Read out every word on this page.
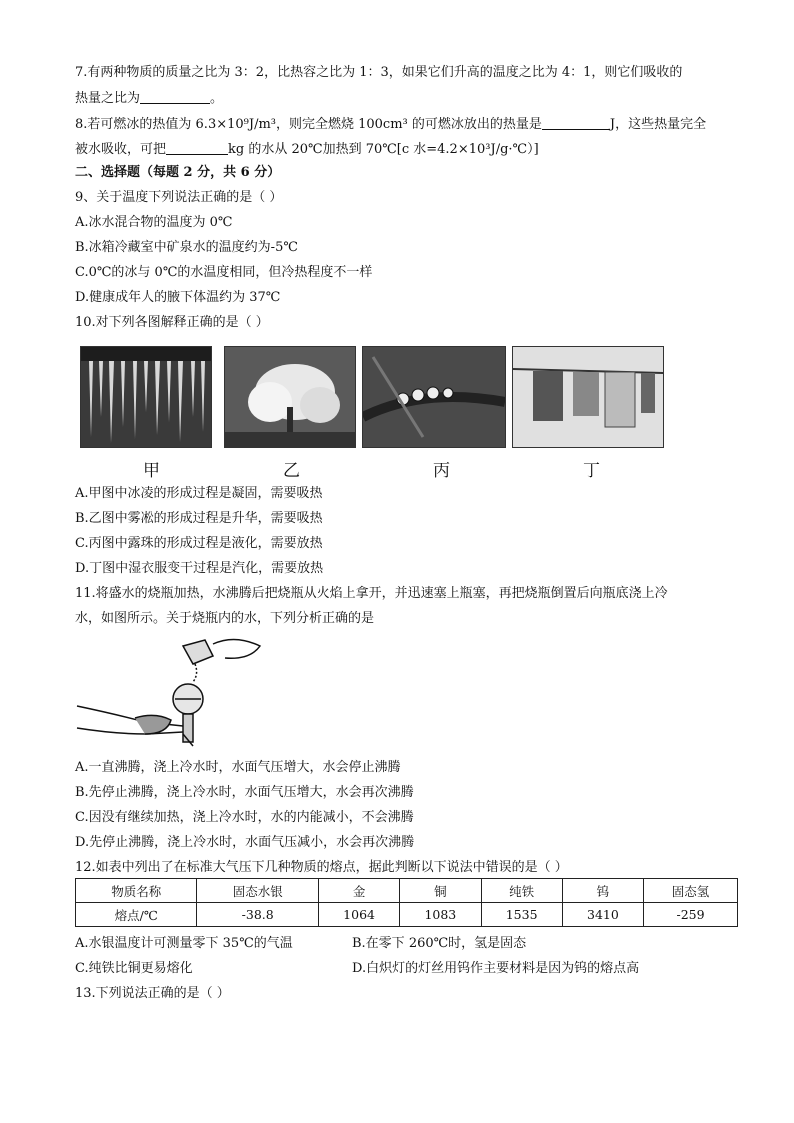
7.有两种物质的质量之比为 3：2，比热容之比为 1：3，如果它们升高的温度之比为 4：1，则它们吸收的
热量之比为	。
8.若可燃冰的热值为 6.3×10⁹J/m³，则完全燃烧 100cm³ 的可燃冰放出的热量是	J，这些热量完全
被水吸收，可把	kg 的水从 20℃加热到 70℃[c 水=4.2×10³J/g·℃）]
二、选择题（每题 2 分，共 6 分）
9、关于温度下列说法正确的是（ ）
A.冰水混合物的温度为 0℃
B.冰箱冷藏室中矿泉水的温度约为-5℃
C.0℃的冰与 0℃的水温度相同，但冷热程度不一样
D.健康成年人的腋下体温约为 37℃
10.对下列各图解释正确的是（ ）
甲	乙	丙	丁
A.甲图中冰凌的形成过程是凝固，需要吸热
B.乙图中雾凇的形成过程是升华，需要吸热
C.丙图中露珠的形成过程是液化，需要放热
D.丁图中湿衣服变干过程是汽化，需要放热
11.将盛水的烧瓶加热，水沸腾后把烧瓶从火焰上拿开，并迅速塞上瓶塞，再把烧瓶倒置后向瓶底浇上冷
水，如图所示。关于烧瓶内的水，下列分析正确的是
A.一直沸腾，浇上冷水时，水面气压增大，水会停止沸腾
B.先停止沸腾，浇上冷水时，水面气压增大，水会再次沸腾
C.因没有继续加热，浇上冷水时，水的内能减小，不会沸腾
D.先停止沸腾，浇上冷水时，水面气压减小，水会再次沸腾
12.如表中列出了在标准大气压下几种物质的熔点，据此判断以下说法中错误的是（ ）
物质名称	固态水银	金	铜	纯铁	钨	固态氢
熔点/℃	-38.8	1064	1083	1535	3410	-259
A.水银温度计可测量零下 35℃的气温	B.在零下 260℃时，氢是固态
C.纯铁比铜更易熔化	D.白炽灯的灯丝用钨作主要材料是因为钨的熔点高
13.下列说法正确的是（ ）
